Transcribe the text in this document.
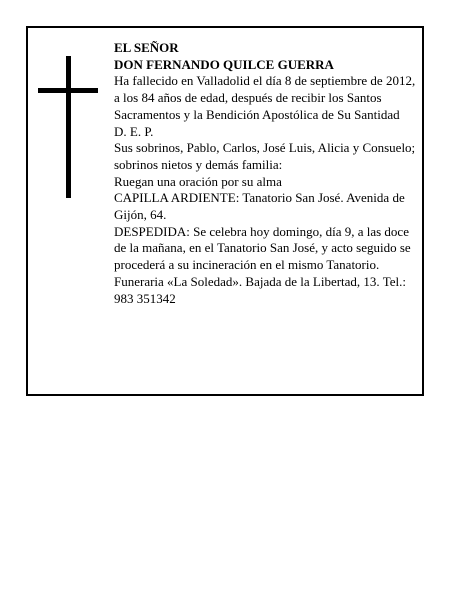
EL SEÑOR

DON FERNANDO QUILCE GUERRA

Ha fallecido en Valladolid el día 8 de septiembre de 2012, a los 84 años de edad, después de recibir los Santos Sacramentos y la Bendición Apostólica de Su Santidad

D. E. P.

Sus sobrinos, Pablo, Carlos, José Luis, Alicia y Consuelo; sobrinos nietos y demás familia:

Ruegan una oración por su alma

CAPILLA ARDIENTE: Tanatorio San José. Avenida de Gijón, 64.

DESPEDIDA: Se celebra hoy domingo, día 9, a las doce de la mañana, en el Tanatorio San José, y acto seguido se procederá a su incineración en el mismo Tanatorio.

Funeraria «La Soledad». Bajada de la Libertad, 13. Tel.: 983 351342
